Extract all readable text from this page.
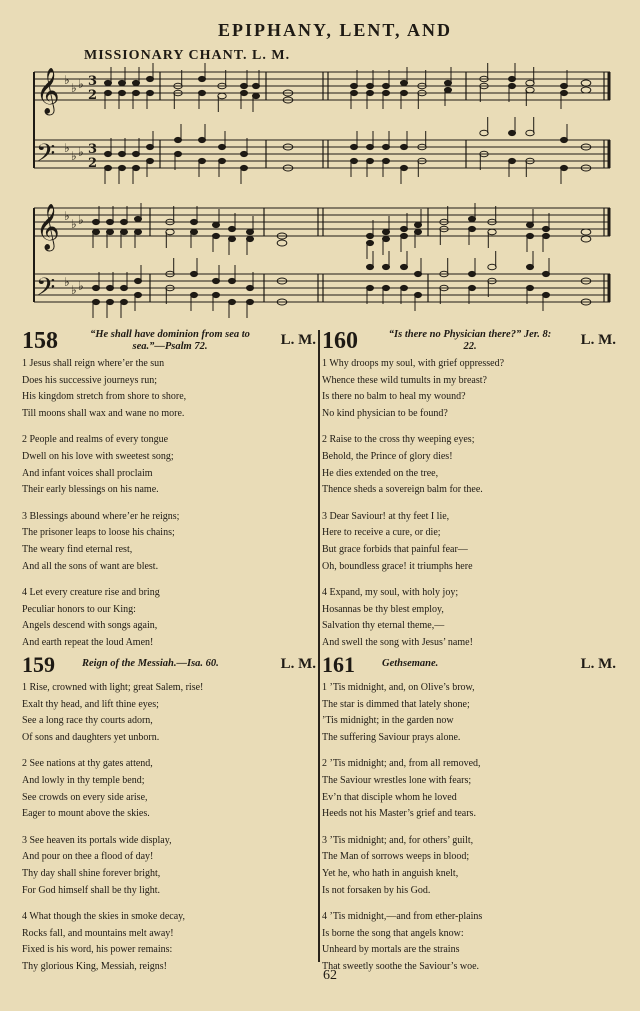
EPIPHANY, LENT, AND
MISSIONARY CHANT. L. M.
𝄞
𝄢
♭
♭ ♭
♭
♭ ♭
3
2
3
2
𝄞
𝄢
♭
♭ ♭
♭
♭ ♭
158	“He shall have dominion from sea to sea.”—Psalm 72.	L. M.
1 Jesus shall reign where’er the sun
Does his successive journeys run;
His kingdom stretch from shore to shore,
Till moons shall wax and wane no more.
2 People and realms of every tongue
Dwell on his love with sweetest song;
And infant voices shall proclaim
Their early blessings on his name.
3 Blessings abound where’er he reigns;
The prisoner leaps to loose his chains;
The weary find eternal rest,
And all the sons of want are blest.
4 Let every creature rise and bring
Peculiar honors to our King:
Angels descend with songs again,
And earth repeat the loud Amen!
159	Reign of the Messiah.—Isa. 60.	L. M.
1 Rise, crowned with light; great Salem, rise!
Exalt thy head, and lift thine eyes;
See a long race thy courts adorn,
Of sons and daughters yet unborn.
2 See nations at thy gates attend,
And lowly in thy temple bend;
See crowds on every side arise,
Eager to mount above the skies.
3 See heaven its portals wide display,
And pour on thee a flood of day!
Thy day shall shine forever bright,
For God himself shall be thy light.
4 What though the skies in smoke decay,
Rocks fall, and mountains melt away!
Fixed is his word, his power remains:
Thy glorious King, Messiah, reigns!
160	“Is there no Physician there?” Jer. 8: 22.	L. M.
1 Why droops my soul, with grief oppressed?
Whence these wild tumults in my breast?
Is there no balm to heal my wound?
No kind physician to be found?
2 Raise to the cross thy weeping eyes;
Behold, the Prince of glory dies!
He dies extended on the tree,
Thence sheds a sovereign balm for thee.
3 Dear Saviour! at thy feet I lie,
Here to receive a cure, or die;
But grace forbids that painful fear—
Oh, boundless grace! it triumphs here
4 Expand, my soul, with holy joy;
Hosannas be thy blest employ,
Salvation thy eternal theme,—
And swell the song with Jesus’ name!
161	Gethsemane.	L. M.
1 ’Tis midnight, and, on Olive’s brow,
The star is dimmed that lately shone;
’Tis midnight; in the garden now
The suffering Saviour prays alone.
2 ’Tis midnight; and, from all removed,
The Saviour wrestles lone with fears;
Ev’n that disciple whom he loved
Heeds not his Master’s grief and tears.
3 ’Tis midnight; and, for others’ guilt,
The Man of sorrows weeps in blood;
Yet he, who hath in anguish knelt,
Is not forsaken by his God.
4 ’Tis midnight,—and from ether-plains
Is borne the song that angels know:
Unheard by mortals are the strains
That sweetly soothe the Saviour’s woe.
62
